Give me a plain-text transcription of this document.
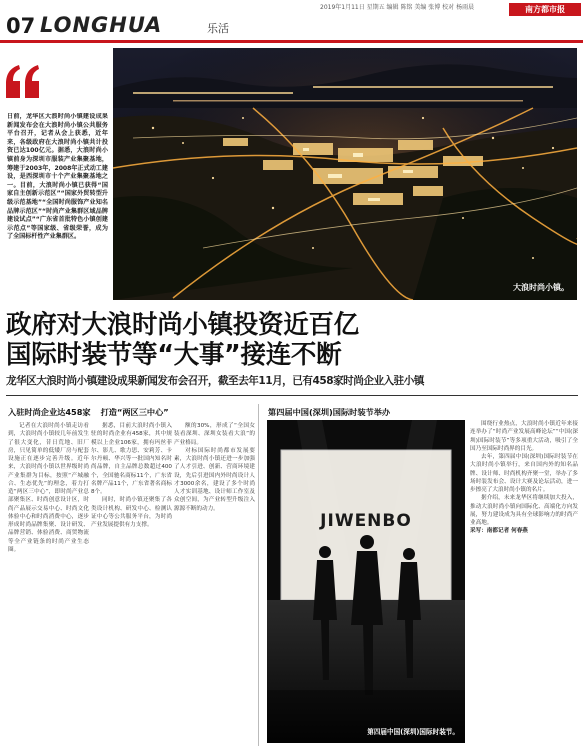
07 LONGHUA	乐活
2019年1月11日 星期五 编辑 陈铭 美编 张博 校对 杨雨晨	南方都市报

日前，龙华区大浪时尚小镇建设成果新闻发布会在大浪时尚小镇公共服务平台召开，记者从会上获悉，近年来，各级政府在大浪时尚小镇共计投资已达100亿元。据悉，大浪时尚小镇前身为深圳市服装产业集聚基地，筹建于2003年，2008年正式动工建设，是西深圳市十个产业集聚基地之一。目前，大浪时尚小镇已获得“国家自主创新示范区”“国家外贸转型升级示范基地”“全国时尚服饰产业知名品牌示范区”“时尚产业集群区域品牌建设试点”“广东省首批特色小镇创建示范点”等国家级、省级荣誉，成为了全国标杆性产业集群区。

大浪时尚小镇。
政府对大浪时尚小镇投资近百亿
国际时装节等“大事”接连不断
龙华区大浪时尚小镇建设成果新闻发布会召开，截至去年11月，已有458家时尚企业入驻小镇
入驻时尚企业达458家 打造“两区三中心”

记者在大浪时尚小镇走访看到，大浪时尚小镇较几年前发生了很大变化，昔日荒地、旧厂房，只见简单的低矮厂房与配套设施正在逐步完善升级。近年来，大浪时尚小镇以世界级时尚产业集群为目标，按照“产城融合、生态优先”的理念，着力打造“两区三中心”，即时尚产业总部聚集区、时尚创意设计区，时尚产品展示交易中心、时尚文化体验中心和时尚消费中心，逐步形成时尚品牌集聚、设计研发、品牌营销、体验消费、商贸物流等全产业链条的时尚产业生态圈。

据悉，目前大浪时尚小镇入驻的时尚企业有458家，其中规模以上企业106家，拥有玛丝菲尔、影儿、歌力思、安莉芳、卡尔丹顿、华兴等一批国内知名时尚品牌，自主品牌总数超过400个，全国驰名商标11个，广东省名牌产品11个，广东省著名商标8个。

同时，时尚小镇还聚集了各类设计机构、研发中心、检测认证中心等公共服务平台，为时尚产业发展提供有力支撑。

额的30%，形成了“全国女装看深圳、深圳女装看大浪”的产业格局。

对标国际时尚都市发展要素，大浪时尚小镇还进一步加强了人才引进、创新、营商环境建设，先后引进国内外时尚设计人才3000余名，建设了多个时尚人才实训基地、设计师工作室及众创空间，为产业转型升级注入源源不断的动力。

第四届中国(深圳)国际时装节举办
JIWENBO
第四届中国(深圳)国际时装节。

围绕行业热点，大浪时尚小镇近年来接连举办了“时尚产业发展高峰论坛”“中国(深圳)国际时装节”等多项重大活动，吸引了全国乃至国际时尚界的目光。

去年，第四届中国(深圳)国际时装节在大浪时尚小镇举行，来自国内外的知名品牌、设计师、时尚机构齐聚一堂，举办了多场时装发布会、设计大赛及论坛活动，进一步擦亮了大浪时尚小镇的名片。

据介绍，未来龙华区将继续加大投入，推动大浪时尚小镇向国际化、高端化方向发展，努力建设成为具有全球影响力的时尚产业高地。

采写：南都记者 何春燕
